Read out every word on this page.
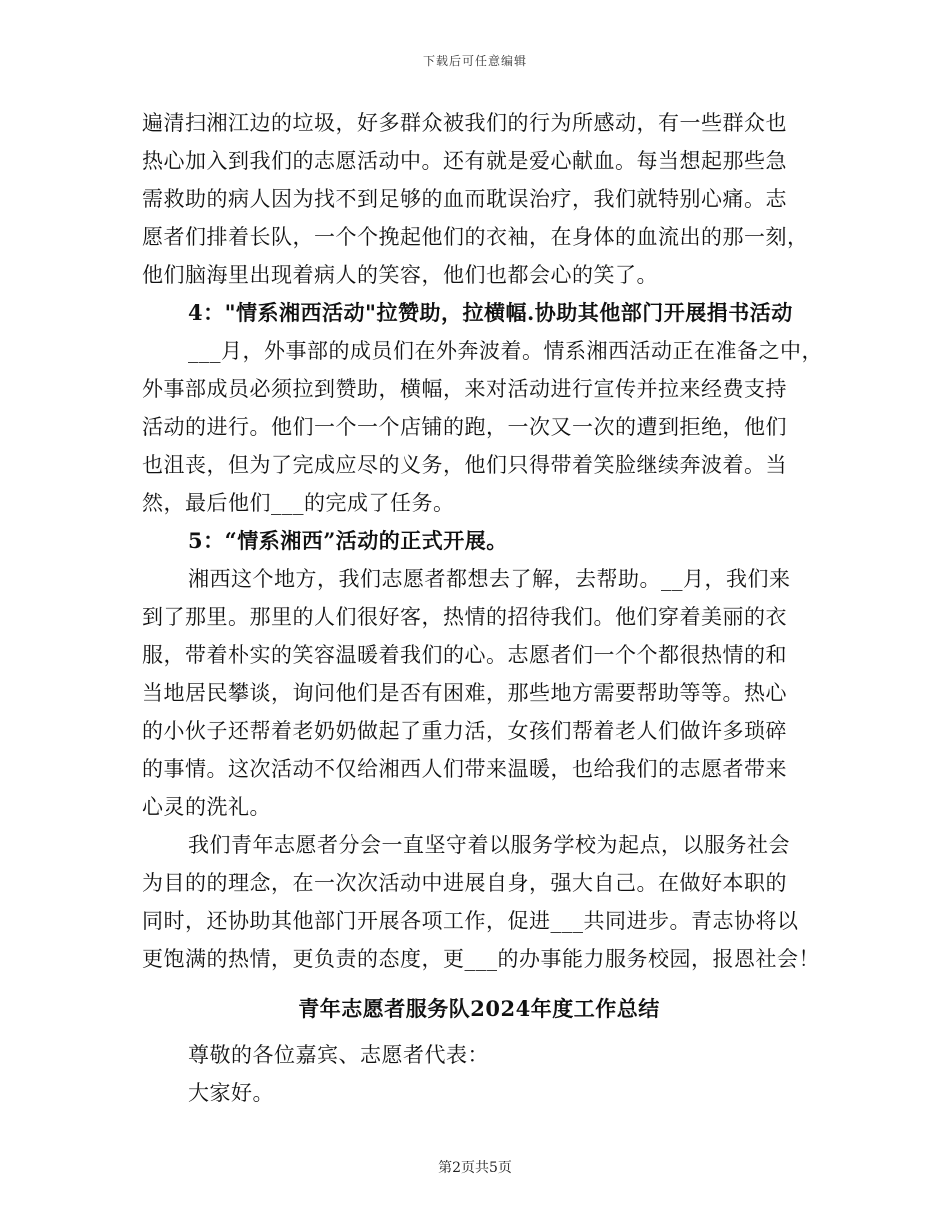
下载后可任意编辑
遍清扫湘江边的垃圾，好多群众被我们的行为所感动，有一些群众也
热心加入到我们的志愿活动中。还有就是爱心献血。每当想起那些急
需救助的病人因为找不到足够的血而耽误治疗，我们就特别心痛。志
愿者们排着长队，一个个挽起他们的衣袖，在身体的血流出的那一刻，
他们脑海里出现着病人的笑容，他们也都会心的笑了。
4："情系湘西活动"拉赞助，拉横幅.协助其他部门开展捐书活动
___月，外事部的成员们在外奔波着。情系湘西活动正在准备之中，
外事部成员必须拉到赞助，横幅，来对活动进行宣传并拉来经费支持
活动的进行。他们一个一个店铺的跑，一次又一次的遭到拒绝，他们
也沮丧，但为了完成应尽的义务，他们只得带着笑脸继续奔波着。当
然，最后他们___的完成了任务。
5：“情系湘西”活动的正式开展。
湘西这个地方，我们志愿者都想去了解，去帮助。__月，我们来
到了那里。那里的人们很好客，热情的招待我们。他们穿着美丽的衣
服，带着朴实的笑容温暖着我们的心。志愿者们一个个都很热情的和
当地居民攀谈，询问他们是否有困难，那些地方需要帮助等等。热心
的小伙子还帮着老奶奶做起了重力活，女孩们帮着老人们做许多琐碎
的事情。这次活动不仅给湘西人们带来温暖，也给我们的志愿者带来
心灵的洗礼。
我们青年志愿者分会一直坚守着以服务学校为起点，以服务社会
为目的的理念，在一次次活动中进展自身，强大自己。在做好本职的
同时，还协助其他部门开展各项工作，促进___共同进步。青志协将以
更饱满的热情，更负责的态度，更___的办事能力服务校园，报恩社会！
青年志愿者服务队2024年度工作总结
尊敬的各位嘉宾、志愿者代表：
大家好。
第2页共5页
